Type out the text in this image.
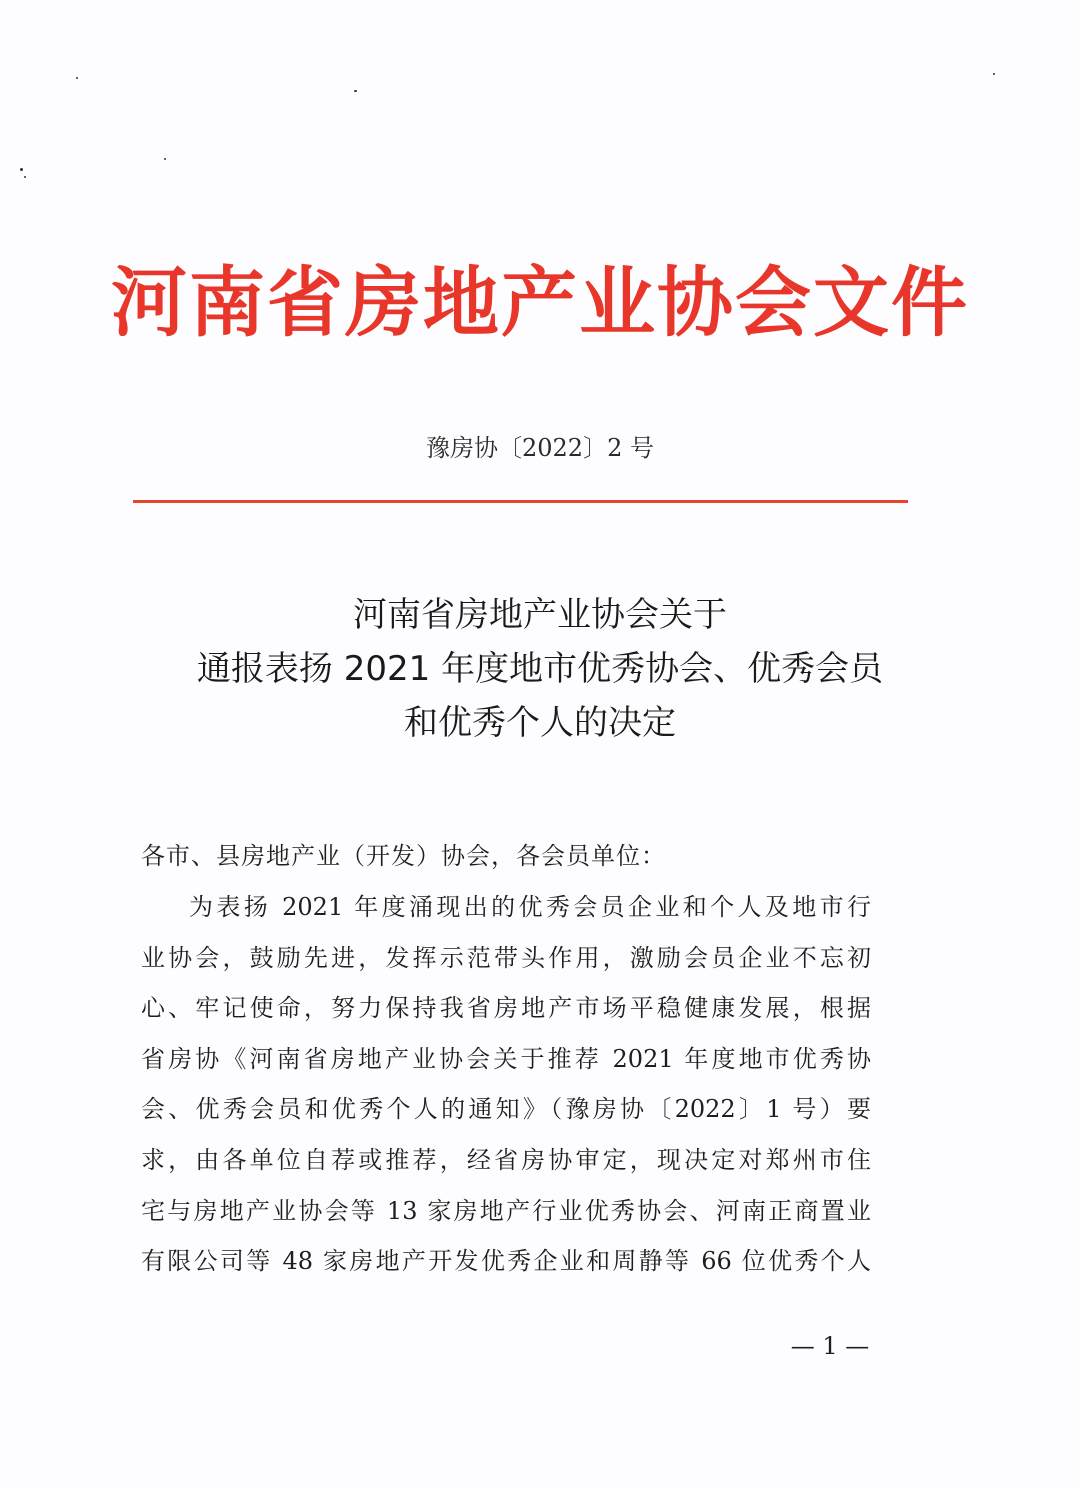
河南省房地产业协会文件
豫房协〔2022〕2 号
河南省房地产业协会关于
通报表扬 2021 年度地市优秀协会、优秀会员
和优秀个人的决定
各市、县房地产业（开发）协会，各会员单位：
为表扬 2021 年度涌现出的优秀会员企业和个人及地市行
业协会，鼓励先进，发挥示范带头作用，激励会员企业不忘初
心、牢记使命，努力保持我省房地产市场平稳健康发展，根据
省房协《河南省房地产业协会关于推荐 2021 年度地市优秀协
会、优秀会员和优秀个人的通知》（豫房协〔2022〕1 号）要
求，由各单位自荐或推荐，经省房协审定，现决定对郑州市住
宅与房地产业协会等 13 家房地产行业优秀协会、河南正商置业
有限公司等 48 家房地产开发优秀企业和周静等 66 位优秀个人
— 1 —
